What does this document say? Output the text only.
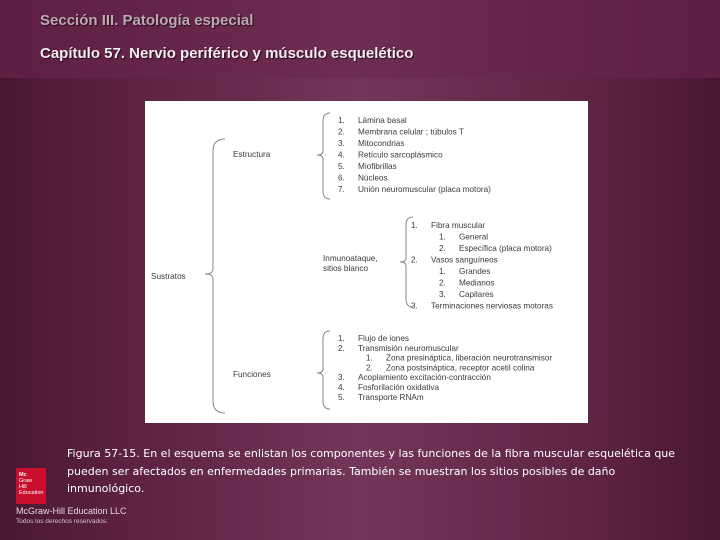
Sección III. Patología especial
Capítulo 57. Nervio periférico y músculo esquelético
Sustratos
Estructura
1. Lámina basal
2. Membrana celular ; túbulos T
3. Mitocondrias
4. Retículo sarcoplásmico
5. Miofibrillas
6. Núcleos
7. Unión neuromuscular (placa motora)
Inmunoataque,
sitios blanco
1. Fibra muscular
1. General
2. Específica (placa motora)
2. Vasos sanguíneos
1. Grandes
2. Medianos
3. Capilares
3. Terminaciones nerviosas motoras
Funciones
1. Flujo de iones
2. Transmisión neuromuscular
1. Zona presináptica, liberación neurotransmisor
2. Zona postsináptica, receptor acetil colina
3. Acoplamiento excitación-contracción
4. Fosforilación oxidativa
5. Transporte RNAm
Figura 57-15. En el esquema se enlistan los componentes y las funciones de la fibra muscular esquelética que pueden ser afectados en enfermedades primarias. También se muestran los sitios posibles de daño inmunológico.
Mc
Graw
Hill
Education
McGraw-Hill Education LLC
Todos los derechos reservados.
